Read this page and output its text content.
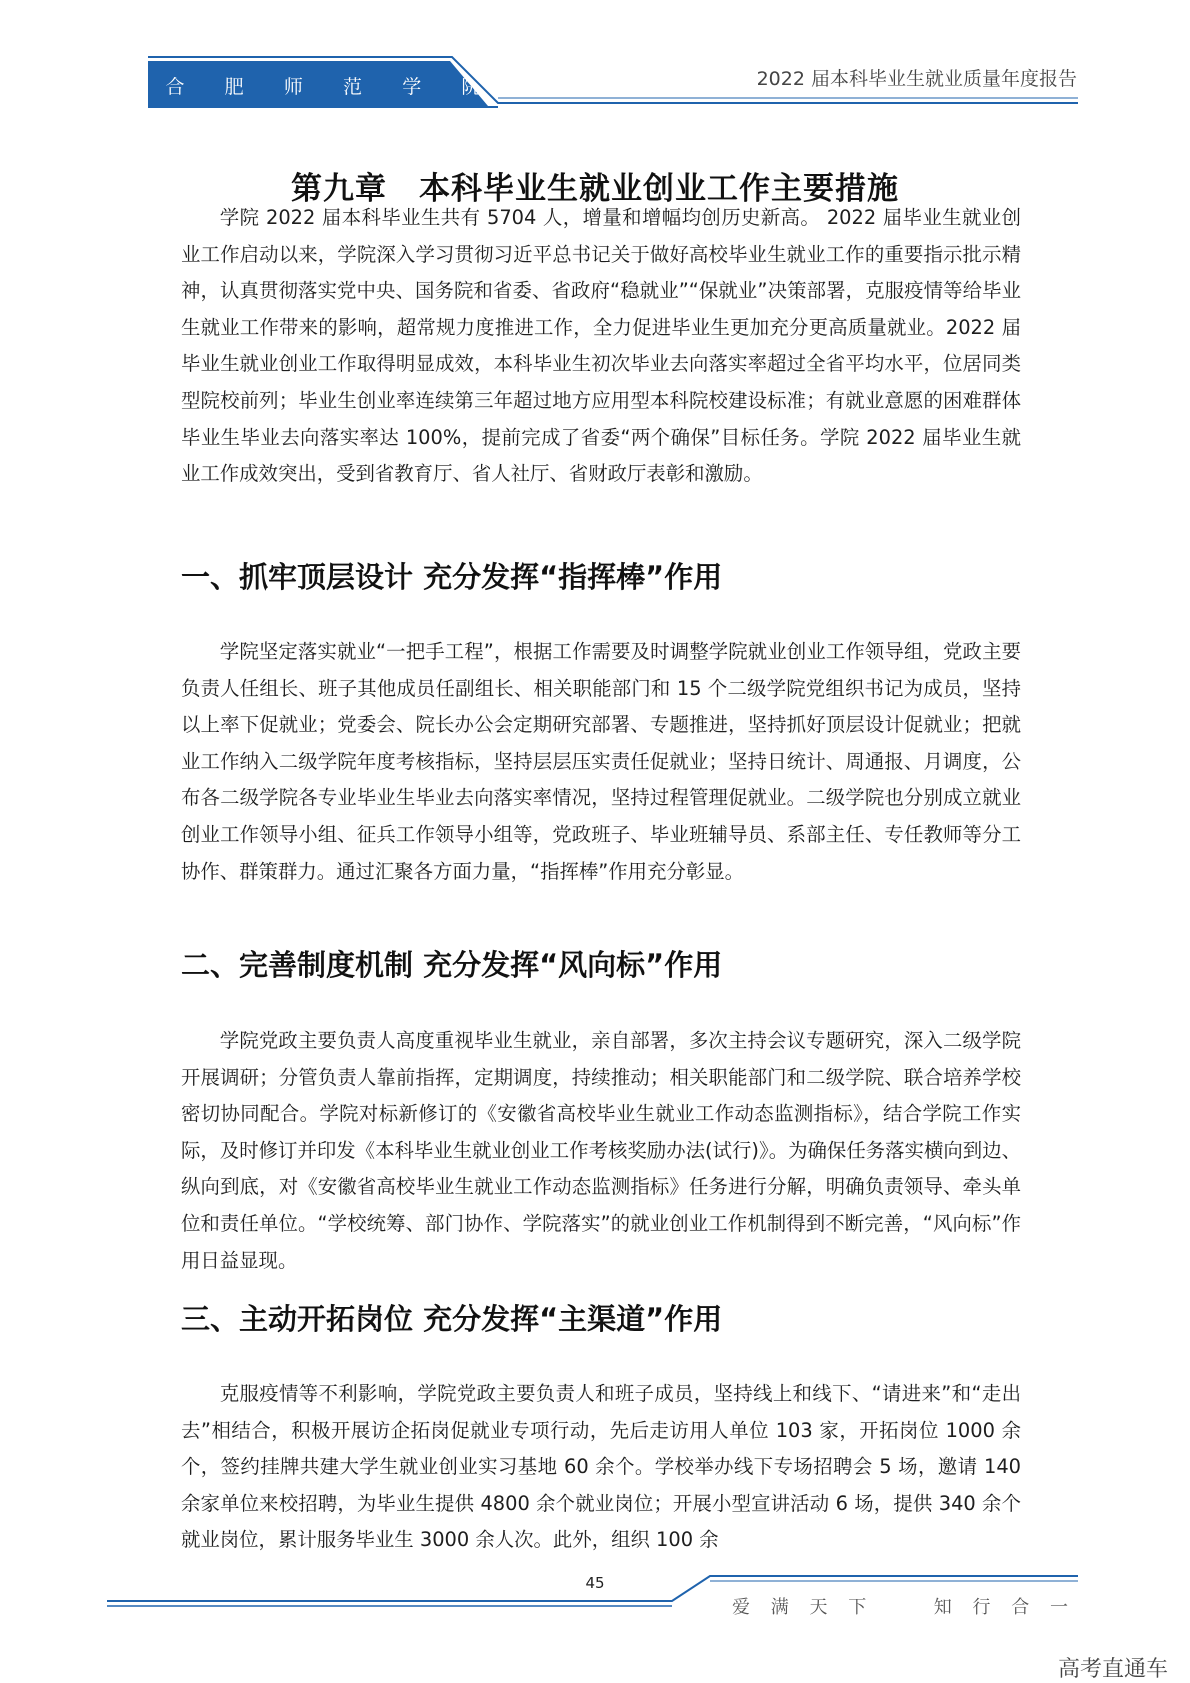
合 肥 师 范 学 院	2022 届本科毕业生就业质量年度报告
第九章　本科毕业生就业创业工作主要措施

学院 2022 届本科毕业生共有 5704 人，增量和增幅均创历史新高。 2022 届毕业生就业创业工作启动以来，学院深入学习贯彻习近平总书记关于做好高校毕业生就业工作的重要指示批示精神，认真贯彻落实党中央、国务院和省委、省政府“稳就业”“保就业”决策部署，克服疫情等给毕业生就业工作带来的影响，超常规力度推进工作，全力促进毕业生更加充分更高质量就业。2022 届毕业生就业创业工作取得明显成效，本科毕业生初次毕业去向落实率超过全省平均水平，位居同类型院校前列；毕业生创业率连续第三年超过地方应用型本科院校建设标准；有就业意愿的困难群体毕业生毕业去向落实率达 100%，提前完成了省委“两个确保”目标任务。学院 2022 届毕业生就业工作成效突出，受到省教育厅、省人社厅、省财政厅表彰和激励。

一、抓牢顶层设计 充分发挥“指挥棒”作用

学院坚定落实就业“一把手工程”，根据工作需要及时调整学院就业创业工作领导组，党政主要负责人任组长、班子其他成员任副组长、相关职能部门和 15 个二级学院党组织书记为成员，坚持以上率下促就业；党委会、院长办公会定期研究部署、专题推进，坚持抓好顶层设计促就业；把就业工作纳入二级学院年度考核指标，坚持层层压实责任促就业；坚持日统计、周通报、月调度，公布各二级学院各专业毕业生毕业去向落实率情况，坚持过程管理促就业。二级学院也分别成立就业创业工作领导小组、征兵工作领导小组等，党政班子、毕业班辅导员、系部主任、专任教师等分工协作、群策群力。通过汇聚各方面力量，“指挥棒”作用充分彰显。

二、完善制度机制 充分发挥“风向标”作用

学院党政主要负责人高度重视毕业生就业，亲自部署，多次主持会议专题研究，深入二级学院开展调研；分管负责人靠前指挥，定期调度，持续推动；相关职能部门和二级学院、联合培养学校密切协同配合。学院对标新修订的《安徽省高校毕业生就业工作动态监测指标》，结合学院工作实际，及时修订并印发《本科毕业生就业创业工作考核奖励办法(试行)》。为确保任务落实横向到边、纵向到底，对《安徽省高校毕业生就业工作动态监测指标》任务进行分解，明确负责领导、牵头单位和责任单位。“学校统筹、部门协作、学院落实”的就业创业工作机制得到不断完善，“风向标”作用日益显现。

三、主动开拓岗位 充分发挥“主渠道”作用

克服疫情等不利影响，学院党政主要负责人和班子成员，坚持线上和线下、“请进来”和“走出去”相结合，积极开展访企拓岗促就业专项行动，先后走访用人单位 103 家，开拓岗位 1000 余个，签约挂牌共建大学生就业创业实习基地 60 余个。学校举办线下专场招聘会 5 场，邀请 140 余家单位来校招聘，为毕业生提供 4800 余个就业岗位；开展小型宣讲活动 6 场，提供 340 余个就业岗位，累计服务毕业生 3000 余人次。此外，组织 100 余

45
爱 满 天 下	知 行 合 一
高考直通车
